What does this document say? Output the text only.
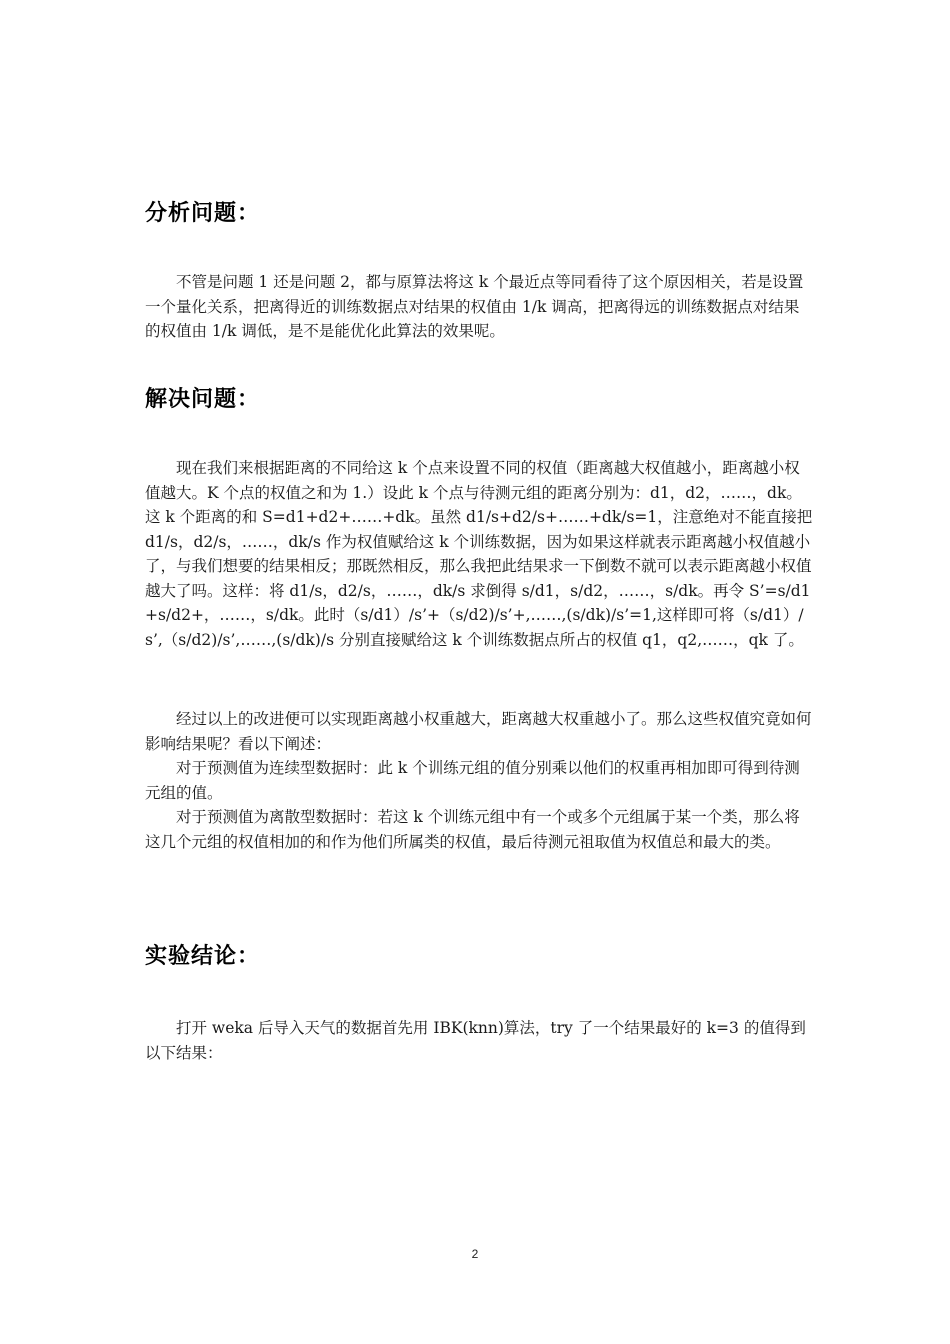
分析问题：

不管是问题 1 还是问题 2，都与原算法将这 k 个最近点等同看待了这个原因相关，若是设置一个量化关系，把离得近的训练数据点对结果的权值由 1/k 调高，把离得远的训练数据点对结果的权值由 1/k 调低，是不是能优化此算法的效果呢。

解决问题：

现在我们来根据距离的不同给这 k 个点来设置不同的权值（距离越大权值越小，距离越小权值越大。K 个点的权值之和为 1.）设此 k 个点与待测元组的距离分别为：d1，d2，……，dk。这 k 个距离的和 S=d1+d2+……+dk。虽然 d1/s+d2/s+……+dk/s=1，注意绝对不能直接把 d1/s，d2/s，……，dk/s 作为权值赋给这 k 个训练数据，因为如果这样就表示距离越小权值越小了，与我们想要的结果相反；那既然相反，那么我把此结果求一下倒数不就可以表示距离越小权值越大了吗。这样：将 d1/s，d2/s，……，dk/s 求倒得 s/d1，s/d2，……，s/dk。再令 S’=s/d1+s/d2+，……，s/dk。此时（s/d1）/s’+（s/d2)/s’+,……,(s/dk)/s’=1,这样即可将（s/d1）/s’,（s/d2)/s’,……,(s/dk)/s 分别直接赋给这 k 个训练数据点所占的权值 q1，q2,……，qk 了。

经过以上的改进便可以实现距离越小权重越大，距离越大权重越小了。那么这些权值究竟如何影响结果呢？看以下阐述：

对于预测值为连续型数据时：此 k 个训练元组的值分别乘以他们的权重再相加即可得到待测元组的值。

对于预测值为离散型数据时：若这 k 个训练元组中有一个或多个元组属于某一个类，那么将这几个元组的权值相加的和作为他们所属类的权值，最后待测元祖取值为权值总和最大的类。

实验结论：

打开 weka 后导入天气的数据首先用 IBK(knn)算法，try 了一个结果最好的 k=3 的值得到以下结果：

2
